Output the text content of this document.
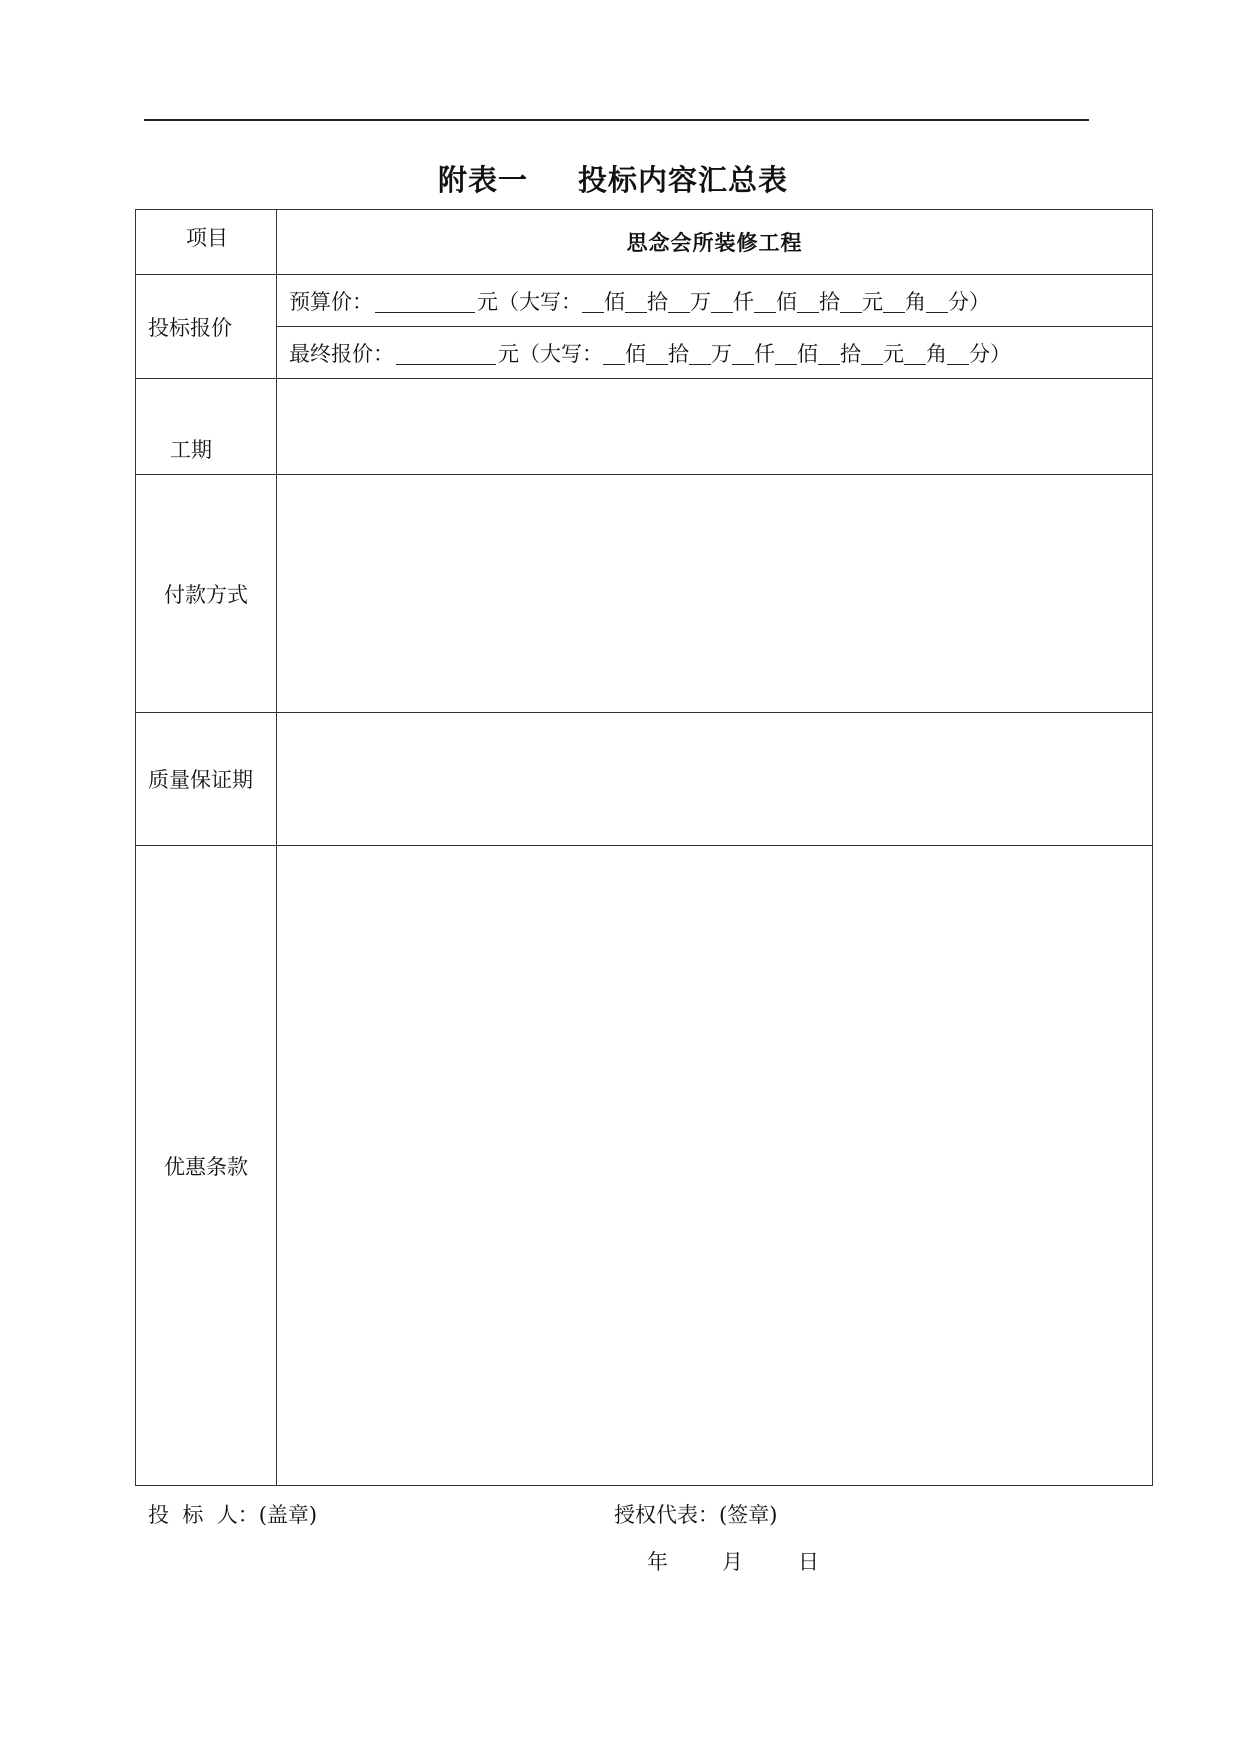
附表一 投标内容汇总表
项目	思念会所装修工程

投标报价	预算价： 元（大写： 佰 拾 万 仟 佰 拾 元 角 分）
	最终报价： 元（大写： 佰 拾 万 仟 佰 拾 元 角 分）

工期	

付款方式	

质量保证期	

优惠条款	

投  标  人：(盖章)	授权代表：(签章)
年	月	日
